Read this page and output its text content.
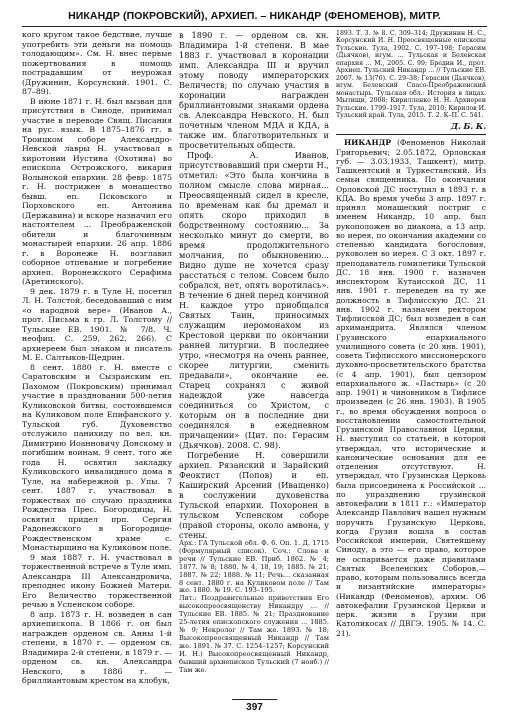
НИКАНДР (ПОКРОВСКИЙ), АРХИЕП. – НИКАНДР (ФЕНОМЕНОВ), МИТР.

кого кругом такое бедствие, лучше употребить эти деньги на помощь голодающим». См. Н. внес первые пожертвования в помощь пострадавшим от неурожая (Дружинин, Корсунский. 1901. С. 87–89).

В июне 1871 г. Н. был вызван для присутствия в Синоде, принимал участие в переводе Свящ. Писания на рус. язык. В 1875–1876 гг. в Троицком соборе Александро-Невской лавры Н. участвовал в хиротонии Иустина (Охотина) во епископа Острожского, викария Волынской епархии. 28 февр. 1875 г. Н. пострижен в монашество бывш. еп. Псковского и Порховского еп. Антонина (Державина) и вскоре назначил его настоятелем ... Преображенской обители и благочинным монастырей епархии. 26 апр. 1886 г. в Воронеже Н. возглавил соборное отпевание и погребение архиеп. Воронежского Серафима (Аретинского).

9 дек. 1879 г. в Туле Н. посетил Л. Н. Толстой, беседовавший с ним «о народной вере» (Иванов А., прот. Письма к гр. Л. Толстому // Тульские ЕВ. 1901. № 7/8. Ч. неофиц. С. 259, 262, 266). С архиереем был знаком и писатель М. Е. Салтыков-Щедрин.

8 сент. 1880 г. Н. вместе с Саратовским и Сызранским еп. Пахомом (Покровским) принимал участие в праздновании 500-летия Куликовской битвы, состоявшемся на Куликовом поле Епифанского у. Тульской губ. Духовенство отслужило панихиду по вел. кн. Димитрию Иоанновичу Донскому и погибшим воинам. 9 сент. того же года Н. освятил закладку Куликовского инвалидного дома в Туле, на набережной р. Упы. 7 сент. 1887 г. участвовал в торжествах по случаю праздника Рождества Прес. Богородицы, Н. освятил придел прп. Сергия Радонежского в Богородице-Рождественском храме с. Монастырщино на Куликовом поле.

9 мая 1887 г. Н. участвовал в торжественной встрече в Туле имп. Александра III Александровича, преподнес икону Божией Матери. Его Величество торжественной речью в Успенском соборе.

8 апр. 1873 г. Н. возведен в сан архиепископа. В 1866 г. он был награжден орденом св. Анны 1-й степени, в 1870 г. — орденом св. Владимира 2-й степени, в 1879 г. — орденом св. кн. Александра Невского, в 1886 г. — бриллиантовым крестом на клобук,

в 1890 г. — орденом св. кн. Владимира 1-й степени. В мае 1883 г. участвовал в коронации имп. Александра III и вручил этому поводу императорских Величеств; по случаю участия в коронации награжден бриллиантовыми знаками ордена св. Александра Невского. Н. был почетным членом МДА и КДА, а также им. благотворительных и просветительных обществ.

Проф. А. Иванов, присутствовавший при смерти Н., отметил: «Это была кончина в полном смысле слова мирная... Преосвященный сидел в кресле, по временам как бы дремал и опять скоро приходил в бодрственному состоянию... За несколько минут до смерти, во время продолжительного молчания, по обыкновению... Видно душе не хочется сразу расстаться с телом. Совсем было собрался, нет, опять воротилась». В течение 6 дней перед кончиной Н. каждое утро приобщался Святых Таин, приносимых служащим иеромонахом из Крестовой церкви по окончании ранней литургии. В последнее утро, «несмотря на очень раннее, скорее литургии, сменить предавали», окончание ее. Старец сохранял с живой надеждой уже навсегда соединиться со Христом, с которым он в последние дни соединялся в ежедневном причащении» (Цит. по: Герасим (Дьячков). 2008. С. 98).

Погребение Н. совершили архиеп. Рязанский и Зарайский Феоктист (Попов) и еп. Каширский Арсений (Иващенко) в сослужении духовенства Тульской епархии. Похоронен в тульском Успенском соборе (правой стороны, около амвона, у стены.

Арх.: ГА Тульской обл. Ф. 6. Оп. 1. Д. 1715 (Формулярный список). Соч.: Слова и речи // Тульские ЕВ. Приб. 1862. № 4; 1877. № 8; 1880. № 4, 18, 19; 1885. № 21; 1887. № 22; 1888. № 11; Речь... сказанная 8 сент. 1880 г. на Куликовом поле // Там же. 1880. № 19. С. 193–195.

Лит.: Поздравительные приветствия Его высокопреосвященству Никандру ... // Тульские ЕВ. 1885. № 21; Празднование 25-летия епископского служения ... 1885. № 9; Некролог // Там же. 1893. № 18; Высокопреосвященный Никандр // Там же. 1891. № 37. С. 1254–1257; Корсунский И. Н.) Высокопреосвященный Никандр, бывший архиепископ Тульский (7 нояб.) // Там же.

1893. Т. 3. № 8. С. 309–314; Дружинин Н. С., Корсунский И. Н. Преосвященные епископы Тульские. Тула, 1902. С. 197–198; Герасим (Дьячков), игум. ... Тульская и Белевская епархия ... М., 2005. С. 99; Бредин И., прот. Архиеп. Тульский Никандр ... // Тульские ЕВ. 2007. № 13(76). С. 29–38; Герасим (Дьячков), игум. Белевский Спасо-Преображенский монастырь. Тульская обл.: История в лицах. Мытищи, 2008; Кирилленко Н. Н. Архиереи Тульские. 1799–1917. Тула, 2010; Кирилов И. Тульский край. Тула, 2015. Т. 2. К–П. С. 541.

Д. Б. К.

НИКАНДР (Феноменов Николай Григорьевич; 2.05.1872, Орловская губ. — 3.03.1933, Ташкент), митр. Ташкентский и Туркестанский. Из семьи священника. По окончании Орловской ДС поступил в 1893 г. в КДА. Во время учебы 3 апр. 1897 г. принял монашеский постриг с именем Никандр, 10 апр. был рукоположен во диакона, а 13 апр. во иерея, по окончании академии со степенью кандидата богословия, руковолен во иерея. С 3 окт. 1897 г. преподаватель гомилетики Тульской ДС. 18 янв. 1900 г. назначен инспектором Кутаисской ДС, 11 янв. 1901 г. переведен на ту же должность в Тифлисскую ДС. 21 янв. 1902 г. назначен ректором Тифлисской ДС; был возведен в сан архимандрита. Являлся членом Грузинского епархиального училищного совета (с 20 янв. 1901), совета Тифлисского миссионерского духовно-просветительского братства (с 4 апр. 1901), был цензором епархиального ж. «Пастырь» (с 20 апр. 1901) и чиновником в Тифлисе произведен (с 26 янв. 1903). В 1905 г., во время обсуждения вопроса о восстановлении самостоятельной Грузинской Православной Церкви, Н. выступил со статьей, в которой утверждал, что исторические и канонические основания для ее отделения отсутствуют. Н. утверждал, что Грузинская Церковь была присоединена к Российской ... по упразднению грузинской автокефалии в 1811 г.: «Император Александр Павлович нашел нужным поручить Грузинскую Церковь, когда Грузия вошла в состав Российской империи, Святейшему Синоду, а это — его право, которое не оспаривается даже правилами Святых Вселенских Соборов,— право, которым пользовались всегда и византийские императоры» (Никандр (Феноменов), архим. Об автокефалии Грузинской Церкви и церк. жизни в Грузии при Католикосах // ДВГЭ. 1905. № 14. С. 21).

397
